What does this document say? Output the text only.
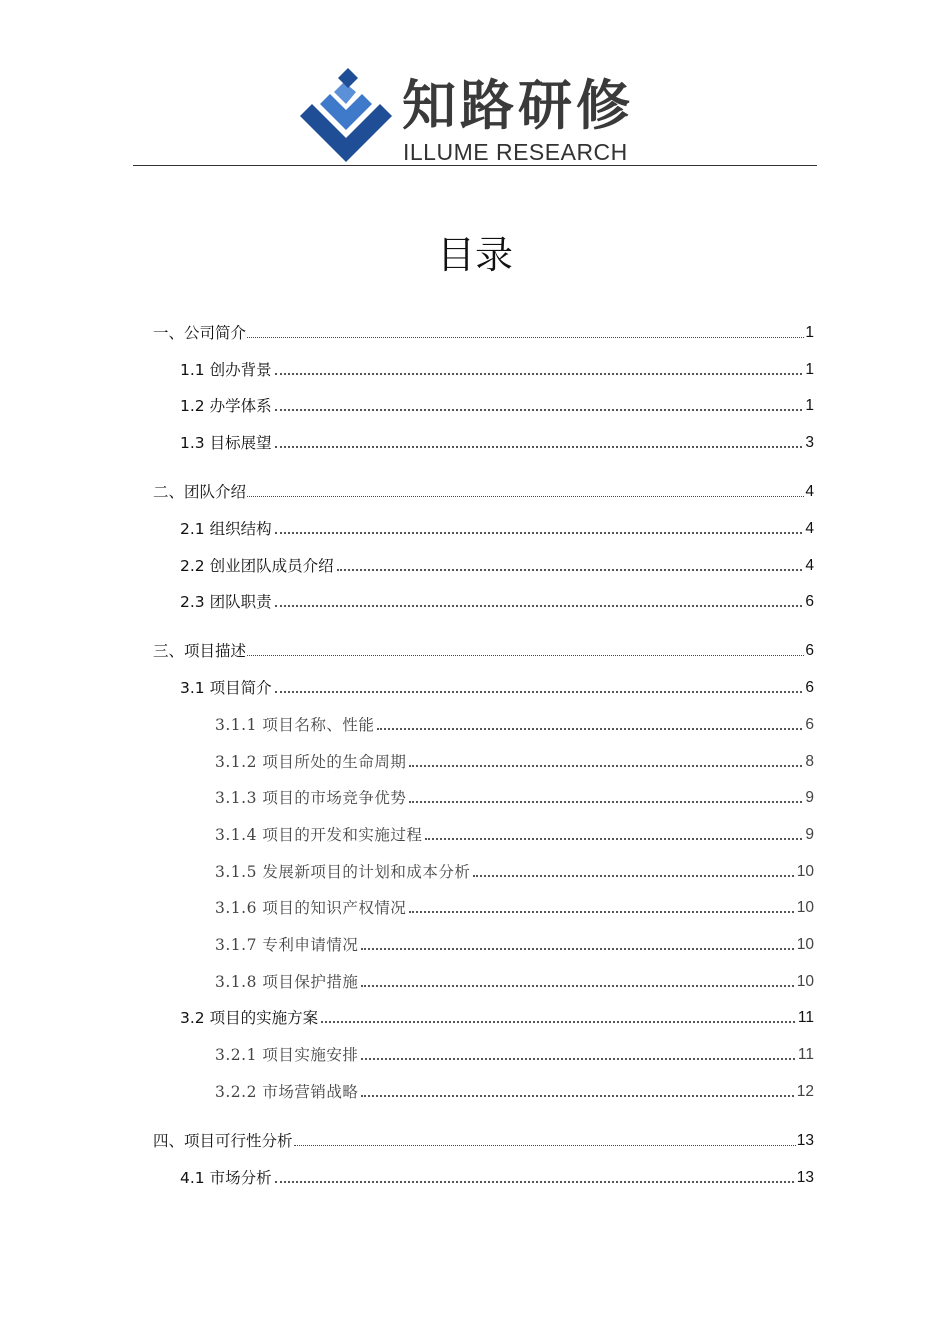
知路研修
ILLUME RESEARCH
目录
一、公司简介	1
1.1 创办背景	1
1.2 办学体系	1
1.3 目标展望	3
二、团队介绍	4
2.1 组织结构	4
2.2 创业团队成员介绍	4
2.3 团队职责	6
三、项目描述	6
3.1 项目简介	6
3.1.1 项目名称、性能	6
3.1.2 项目所处的生命周期	8
3.1.3 项目的市场竞争优势	9
3.1.4 项目的开发和实施过程	9
3.1.5 发展新项目的计划和成本分析	10
3.1.6 项目的知识产权情况	10
3.1.7 专利申请情况	10
3.1.8 项目保护措施	10
3.2 项目的实施方案	11
3.2.1 项目实施安排	11
3.2.2 市场营销战略	12
四、项目可行性分析	13
4.1 市场分析	13
